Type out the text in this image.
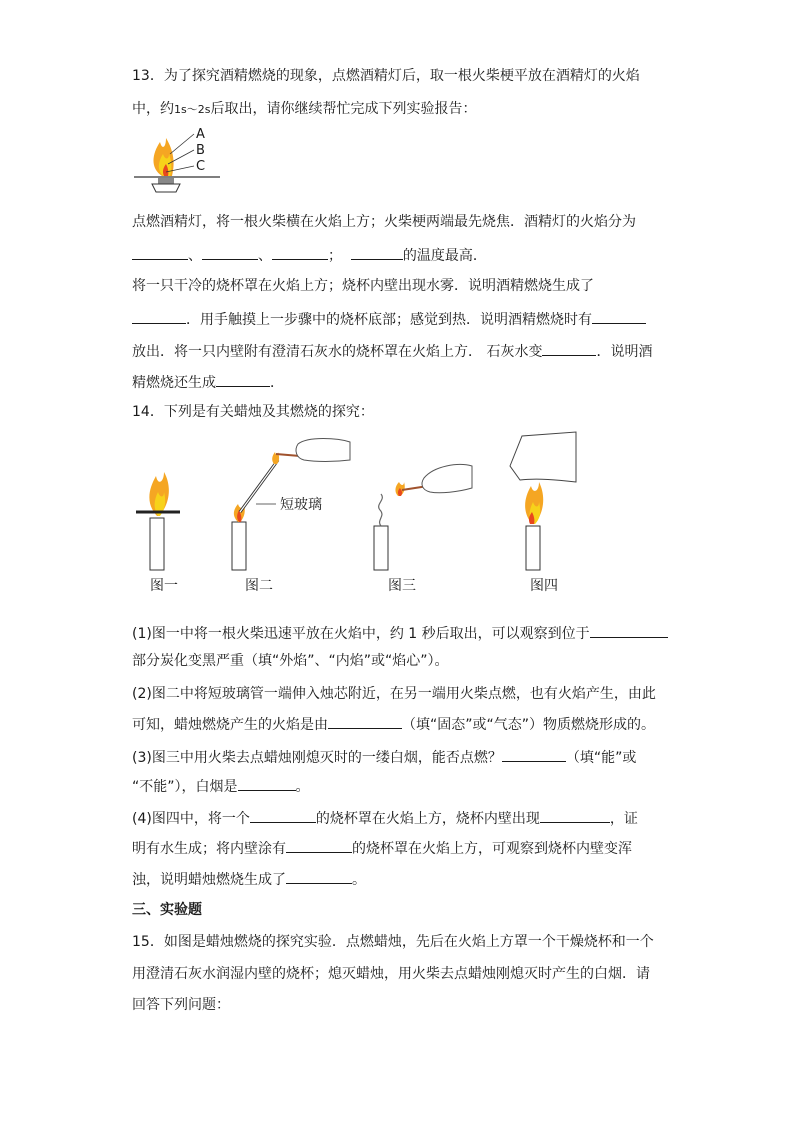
13．为了探究酒精燃烧的现象，点燃酒精灯后，取一根火柴梗平放在酒精灯的火焰
中，约1s～2s后取出，请你继续帮忙完成下列实验报告：
A
B
C
点燃酒精灯，将一根火柴横在火焰上方；火柴梗两端最先烧焦．酒精灯的火焰分为
、	、	；	的温度最高．
将一只干冷的烧杯罩在火焰上方；烧杯内壁出现水雾．说明酒精燃烧生成了
．用手触摸上一步骤中的烧杯底部；感觉到热．说明酒精燃烧时有
放出．将一只内壁附有澄清石灰水的烧杯罩在火焰上方． 石灰水变	．说明酒
精燃烧还生成	．
14．下列是有关蜡烛及其燃烧的探究：
短玻璃
图一	图二	图三	图四
(1)图一中将一根火柴迅速平放在火焰中，约 1 秒后取出，可以观察到位于
部分炭化变黑严重（填“外焰”、“内焰”或“焰心”）。
(2)图二中将短玻璃管一端伸入烛芯附近，在另一端用火柴点燃，也有火焰产生，由此
可知，蜡烛燃烧产生的火焰是由	（填“固态”或“气态”）物质燃烧形成的。
(3)图三中用火柴去点蜡烛刚熄灭时的一缕白烟，能否点燃？	（填“能”或
“不能”），白烟是	。
(4)图四中，将一个	的烧杯罩在火焰上方，烧杯内壁出现	，证
明有水生成；将内壁涂有	的烧杯罩在火焰上方，可观察到烧杯内壁变浑
浊，说明蜡烛燃烧生成了	。
三、实验题
15．如图是蜡烛燃烧的探究实验．点燃蜡烛，先后在火焰上方罩一个干燥烧杯和一个
用澄清石灰水润湿内壁的烧杯；熄灭蜡烛，用火柴去点蜡烛刚熄灭时产生的白烟．请
回答下列问题：
